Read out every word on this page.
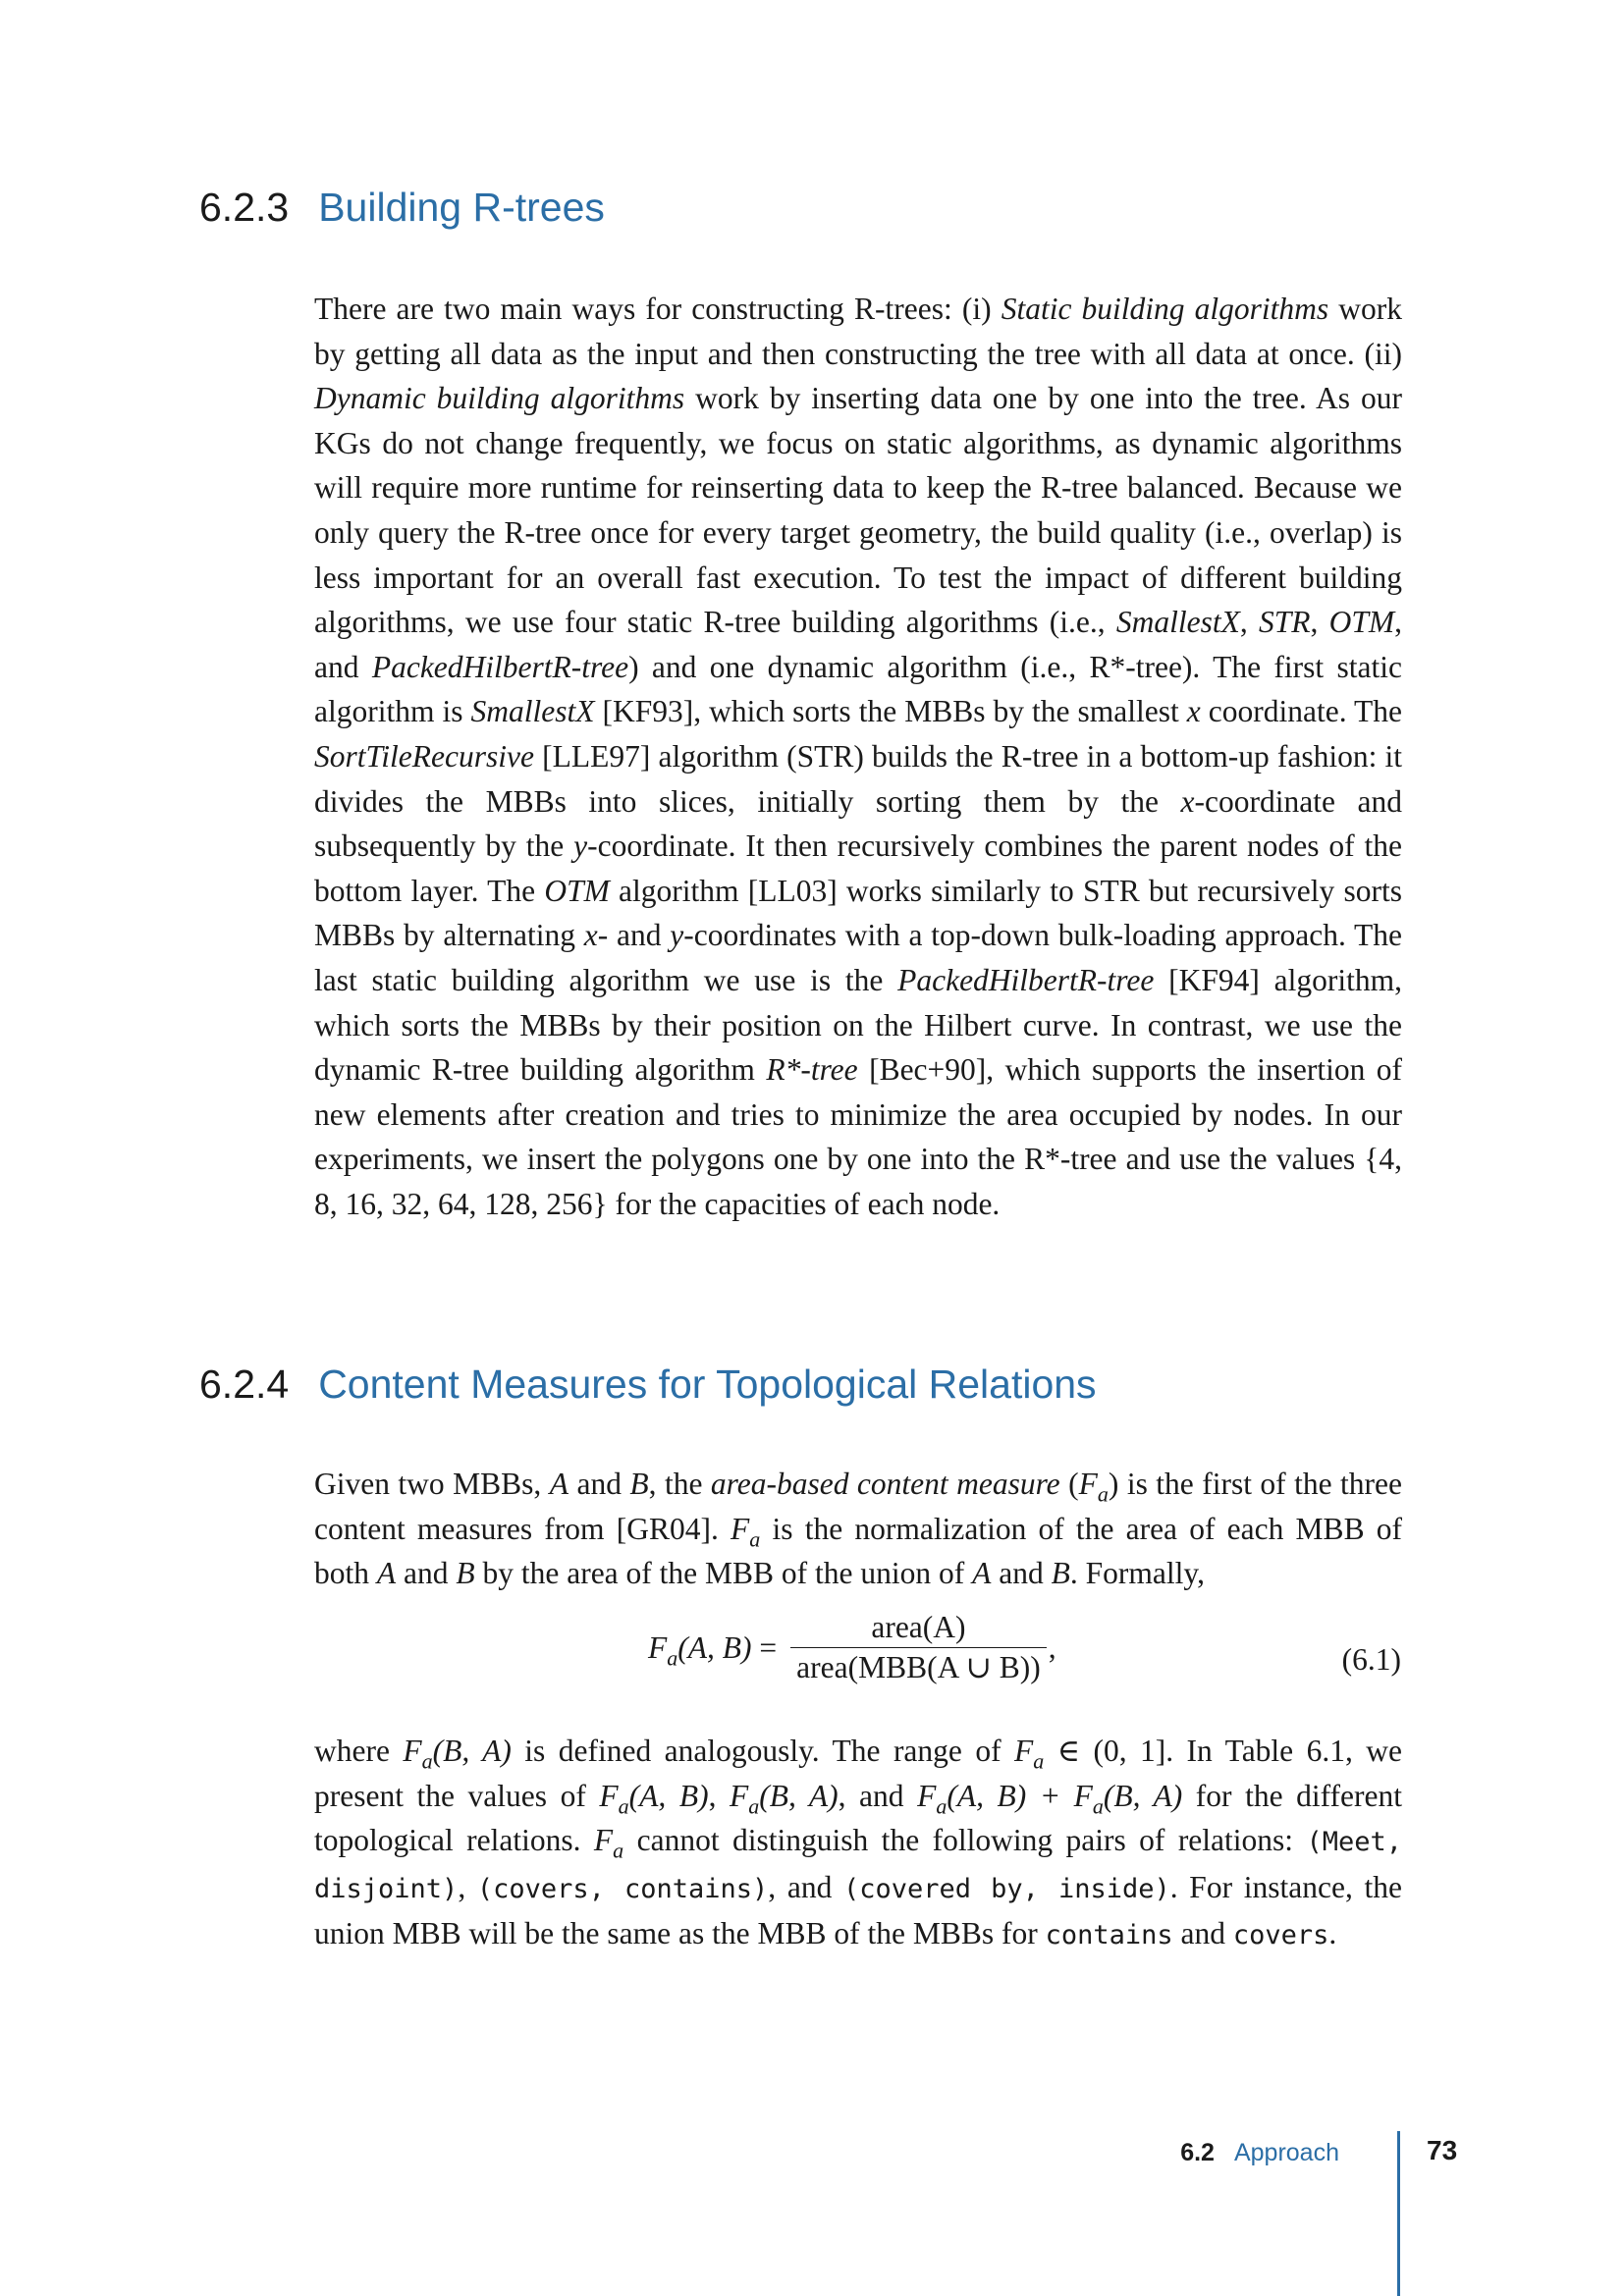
6.2.3 Building R-trees

There are two main ways for constructing R-trees: (i) Static building algorithms work by getting all data as the input and then constructing the tree with all data at once. (ii) Dynamic building algorithms work by inserting data one by one into the tree. As our KGs do not change frequently, we focus on static algorithms, as dynamic algorithms will require more runtime for reinserting data to keep the R-tree balanced. Because we only query the R-tree once for every target geometry, the build quality (i.e., overlap) is less important for an overall fast execution. To test the impact of different building algorithms, we use four static R-tree building algorithms (i.e., SmallestX, STR, OTM, and PackedHilbertR-tree) and one dynamic algorithm (i.e., R*-tree). The first static algorithm is SmallestX [KF93], which sorts the MBBs by the smallest x coordinate. The SortTileRecursive [LLE97] algorithm (STR) builds the R-tree in a bottom-up fashion: it divides the MBBs into slices, initially sorting them by the x-coordinate and subsequently by the y-coordinate. It then recursively combines the parent nodes of the bottom layer. The OTM algorithm [LL03] works similarly to STR but recursively sorts MBBs by alternating x- and y-coordinates with a top-down bulk-loading approach. The last static building algorithm we use is the PackedHilbertR-tree [KF94] algorithm, which sorts the MBBs by their position on the Hilbert curve. In contrast, we use the dynamic R-tree building algorithm R*-tree [Bec+90], which supports the insertion of new elements after creation and tries to minimize the area occupied by nodes. In our experiments, we insert the polygons one by one into the R*-tree and use the values {4, 8, 16, 32, 64, 128, 256} for the capacities of each node.

6.2.4 Content Measures for Topological Relations

Given two MBBs, A and B, the area-based content measure $(F_a)$ is the first of the three content measures from [GR04]. $F_a$ is the normalization of the area of each MBB of both A and B by the area of the MBB of the union of A and B. Formally,

$F_a(A$, $B) = \frac{\text{area(A)}}{\text{area(MBB(A ∪ B))}}$ ,	(6.1)

where $F_a(B$, A) is defined analogously. The range of $F_a$ ∈ (0, 1]. In Table 6.1, we present the values of $F_a(A$, B), $F_a(B$, A), and $F_a(A$, $B) + F_a(B$, A) for the different topological relations. $F_a$ cannot distinguish the following pairs of relations: (Meet, disjoint), (covers, contains), and (covered by, inside). For instance, the union MBB will be the same as the MBB of the MBBs for contains and covers.

6.2 Approach	73
